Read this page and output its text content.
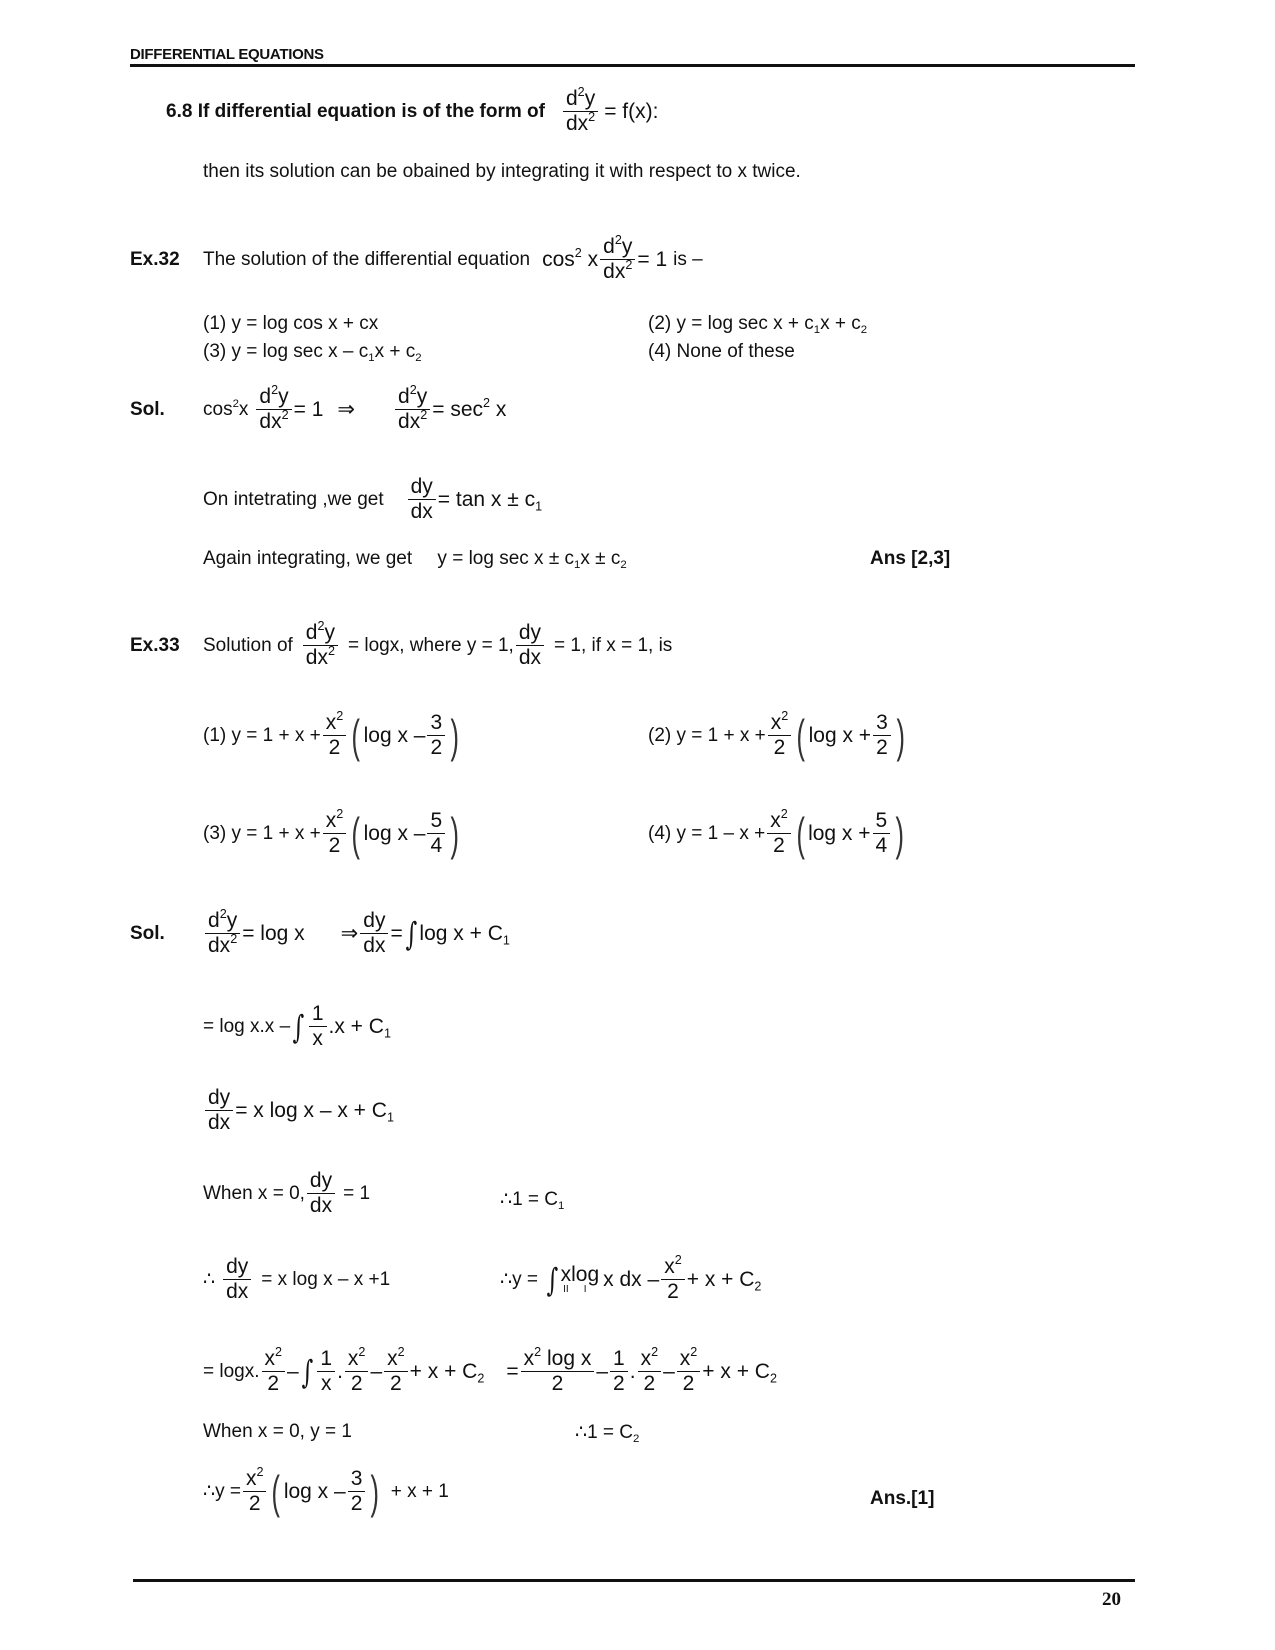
DIFFERENTIAL EQUATIONS
6.8 If differential equation is of the form of $\frac{d^2y}{dx^2} = f(x)$:
then its solution can be obained by integrating it with respect to x twice.
Ex.32	The solution of the differential equation $\cos^2 x \frac{d^2y}{dx^2} = 1$ is –
(1) y = log cos x + cx	(2) $y = \log \sec x + c_1x + c_2$
(3) $y = \log \sec x - c_1x + c_2$	(4) None of these
Sol.	$\cos^2x \frac{d^2y}{dx^2} = 1$ ⇒ $\frac{d^2y}{dx^2} = \sec^2 x$
On intetrating ,we get $\frac{dy}{dx} = \tan x \pm c_1$
Again integrating, we get $y = \log \sec x \pm c_1x \pm c_2$	Ans [2,3]
Ex.33	Solution of $\frac{d^2y}{dx^2} = \log x$, where y = 1, $\frac{dy}{dx} = 1$, if x = 1, is
(1) $y = 1 + x + \frac{x^2}{2}$ ( log x – $\frac{3}{2}$ )	(2) $y = 1 + x + \frac{x^2}{2}$ ( $\log x + \frac{3}{2}$ )
(3) $y = 1 + x + \frac{x^2}{2}$ ( log x – $\frac{5}{4}$ )	(4) $y = 1 - x + \frac{x^2}{2}$ ( $\log x + \frac{5}{4}$ )
Sol.	$\frac{d^2y}{dx^2} = \log x$ ⇒ $\frac{dy}{dx}$ = ∫ $\log x + C_1$
= log x.x – ∫ $\frac{1}{x} .x + C_1$
$\frac{dy}{dx} = x$ $\log x - x + C_1$
When x = 0, $\frac{dy}{dx} = 1$	∴1 = $C_1$
∴ $\frac{dy}{dx} = x$ log x – x +1	∴y = ∫ x
II
log
I x dx – $\frac{x^2}{2} + x + C_2$
= logx. $\frac{x^2}{2}$ – ∫ $\frac{1}{x}$ . $\frac{x^2}{2} - \frac{x^2}{2} + x + C_2 = \frac{x^2 \log x}{2} - \frac{1}{2}$ . $\frac{x^2}{2} - \frac{x^2}{2} + x + C_2$
When x = 0, y = 1	∴1 = $C_2$
∴y = $\frac{x^2}{2}$ ( log x – $\frac{3}{2}$ ) + x + 1	Ans.[1]
20
